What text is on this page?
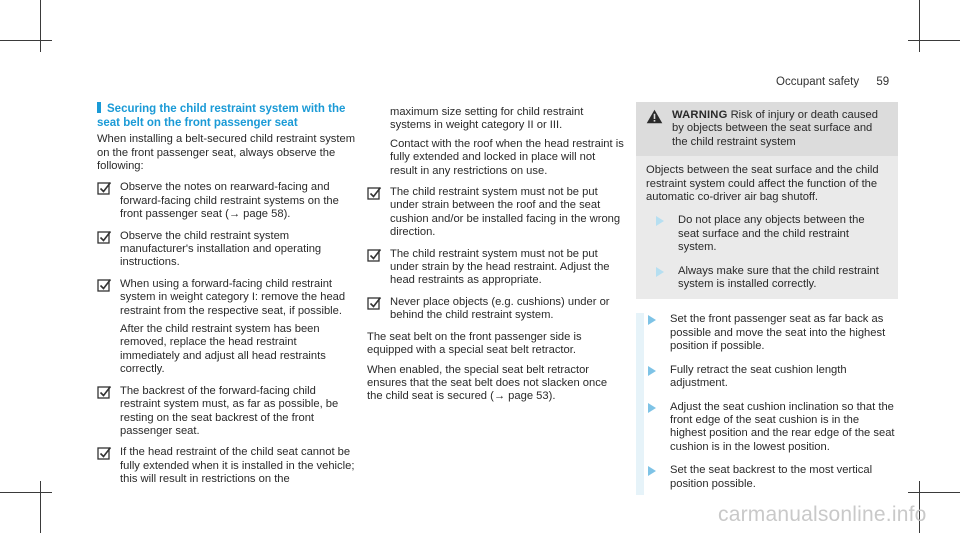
Occupant safety 59
Securing the child restraint system with the seat belt on the front passenger seat

When installing a belt-secured child restraint system on the front passenger seat, always observe the following:

Observe the notes on rearward-facing and forward-facing child restraint systems on the front passenger seat (→ page 58).
Observe the child restraint system manufacturer's installation and operating instructions.
When using a forward-facing child restraint system in weight category I: remove the head restraint from the respective seat, if possible.
After the child restraint system has been removed, replace the head restraint immediately and adjust all head restraints correctly.
The backrest of the forward-facing child restraint system must, as far as possible, be resting on the seat backrest of the front passenger seat.
If the head restraint of the child seat cannot be fully extended when it is installed in the vehicle; this will result in restrictions on the
maximum size setting for child restraint systems in weight category II or III.
Contact with the roof when the head restraint is fully extended and locked in place will not result in any restrictions on use.
The child restraint system must not be put under strain between the roof and the seat cushion and/or be installed facing in the wrong direction.
The child restraint system must not be put under strain by the head restraint. Adjust the head restraints as appropriate.
Never place objects (e.g. cushions) under or behind the child restraint system.

The seat belt on the front passenger side is equipped with a special seat belt retractor.

When enabled, the special seat belt retractor ensures that the seat belt does not slacken once the child seat is secured (→ page 53).

WARNING Risk of injury or death caused by objects between the seat surface and the child restraint system

Objects between the seat surface and the child restraint system could affect the function of the automatic co-driver air bag shutoff.

Do not place any objects between the seat surface and the child restraint system.
Always make sure that the child restraint system is installed correctly.
Set the front passenger seat as far back as possible and move the seat into the highest position if possible.
Fully retract the seat cushion length adjustment.
Adjust the seat cushion inclination so that the front edge of the seat cushion is in the highest position and the rear edge of the seat cushion is in the lowest position.
Set the seat backrest to the most vertical position possible.
carmanualsonline.info
